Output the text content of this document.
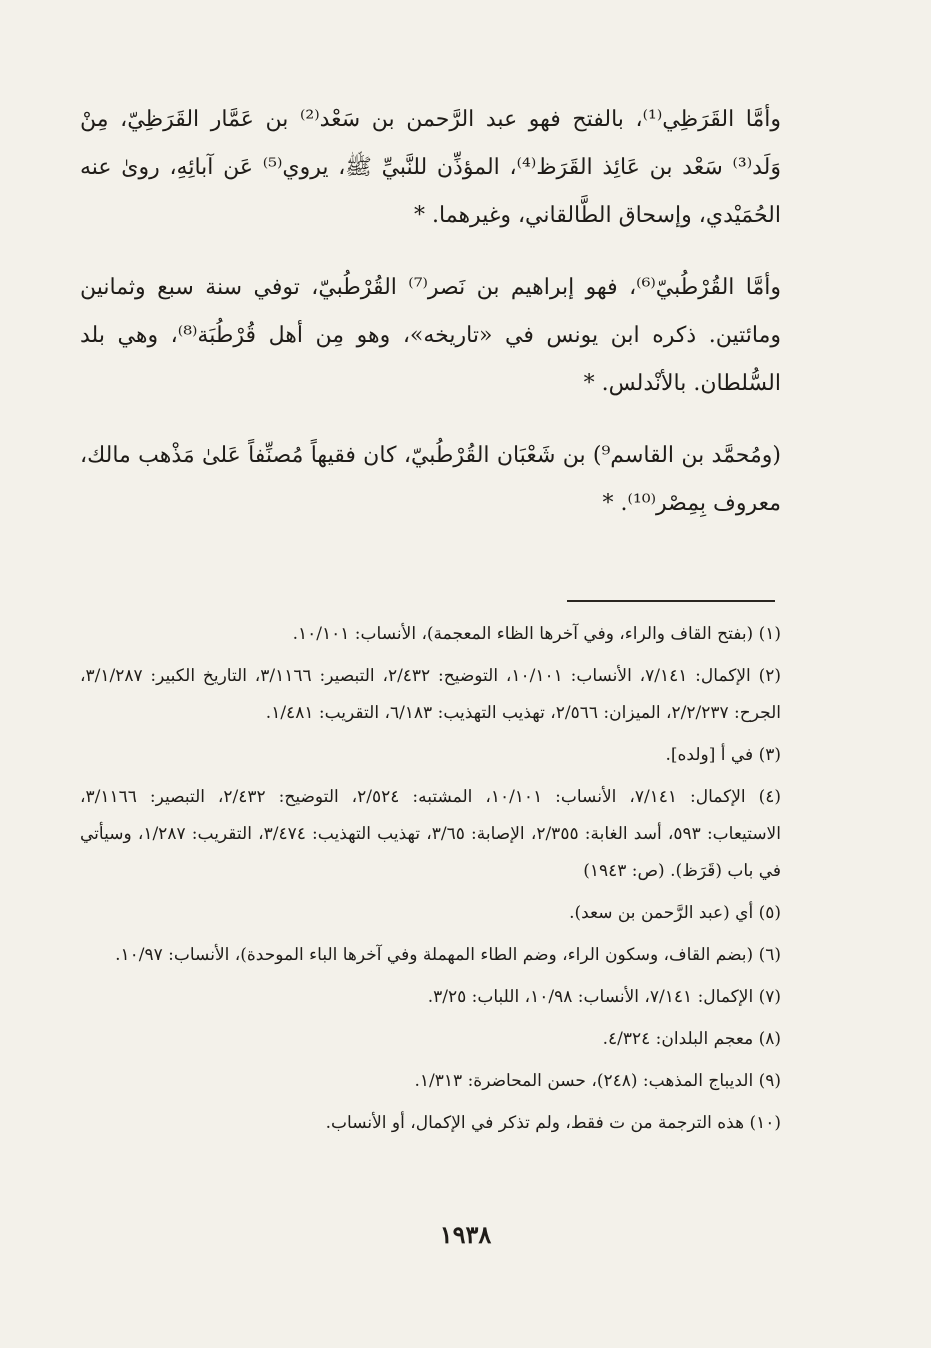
وأمَّا القَرَظِي⁽¹⁾، بالفتح فهو عبد الرَّحمن بن سَعْد⁽²⁾ بن عَمَّار القَرَظِيّ، مِنْ وَلَد⁽³⁾ سَعْد بن عَائِذ القَرَظ⁽⁴⁾، المؤذِّن للنَّبيِّ ﷺ، يروي⁽⁵⁾ عَن آبائِهِ، روىٰ عنه الحُمَيْدي، وإسحاق الطَّالقاني، وغيرهما. *

وأمَّا القُرْطُبيّ⁽⁶⁾، فهو إبراهيم بن نَصر⁽⁷⁾ القُرْطُبيّ، توفي سنة سبع وثمانين ومائتين. ذكره ابن يونس في «تاريخه»، وهو مِن أهل قُرْطُبَة⁽⁸⁾، وهي بلد السُّلطان. بالأنْدلس. *

(ومُحمَّد بن القاسم⁹) بن شَعْبَان القُرْطُبيّ، كان فقيهاً مُصنِّفاً عَلىٰ مَذْهب مالك، معروف بِمِصْر⁽¹⁰⁾. *

(١) (بفتح القاف والراء، وفي آخرها الظاء المعجمة)، الأنساب: ١٠/١٠١.

(٢) الإكمال: ٧/١٤١، الأنساب: ١٠/١٠١، التوضيح: ٢/٤٣٢، التبصير: ٣/١١٦٦، التاريخ الكبير: ٣/١/٢٨٧، الجرح: ٢/٢/٢٣٧، الميزان: ٢/٥٦٦، تهذيب التهذيب: ٦/١٨٣، التقريب: ١/٤٨١.

(٣) في أ [ولده].

(٤) الإكمال: ٧/١٤١، الأنساب: ١٠/١٠١، المشتبه: ٢/٥٢٤، التوضيح: ٢/٤٣٢، التبصير: ٣/١١٦٦، الاستيعاب: ٥٩٣، أسد الغابة: ٢/٣٥٥، الإصابة: ٣/٦٥، تهذيب التهذيب: ٣/٤٧٤، التقريب: ١/٢٨٧، وسيأتي في باب (قَرَظ). (ص: ١٩٤٣)

(٥) أي (عبد الرَّحمن بن سعد).

(٦) (بضم القاف، وسكون الراء، وضم الطاء المهملة وفي آخرها الباء الموحدة)، الأنساب: ١٠/٩٧.

(٧) الإكمال: ٧/١٤١، الأنساب: ١٠/٩٨، اللباب: ٣/٢٥.

(٨) معجم البلدان: ٤/٣٢٤.

(٩) الديباج المذهب: (٢٤٨)، حسن المحاضرة: ١/٣١٣.

(١٠) هذه الترجمة من ت فقط، ولم تذكر في الإكمال، أو الأنساب.

١٩٣٨
